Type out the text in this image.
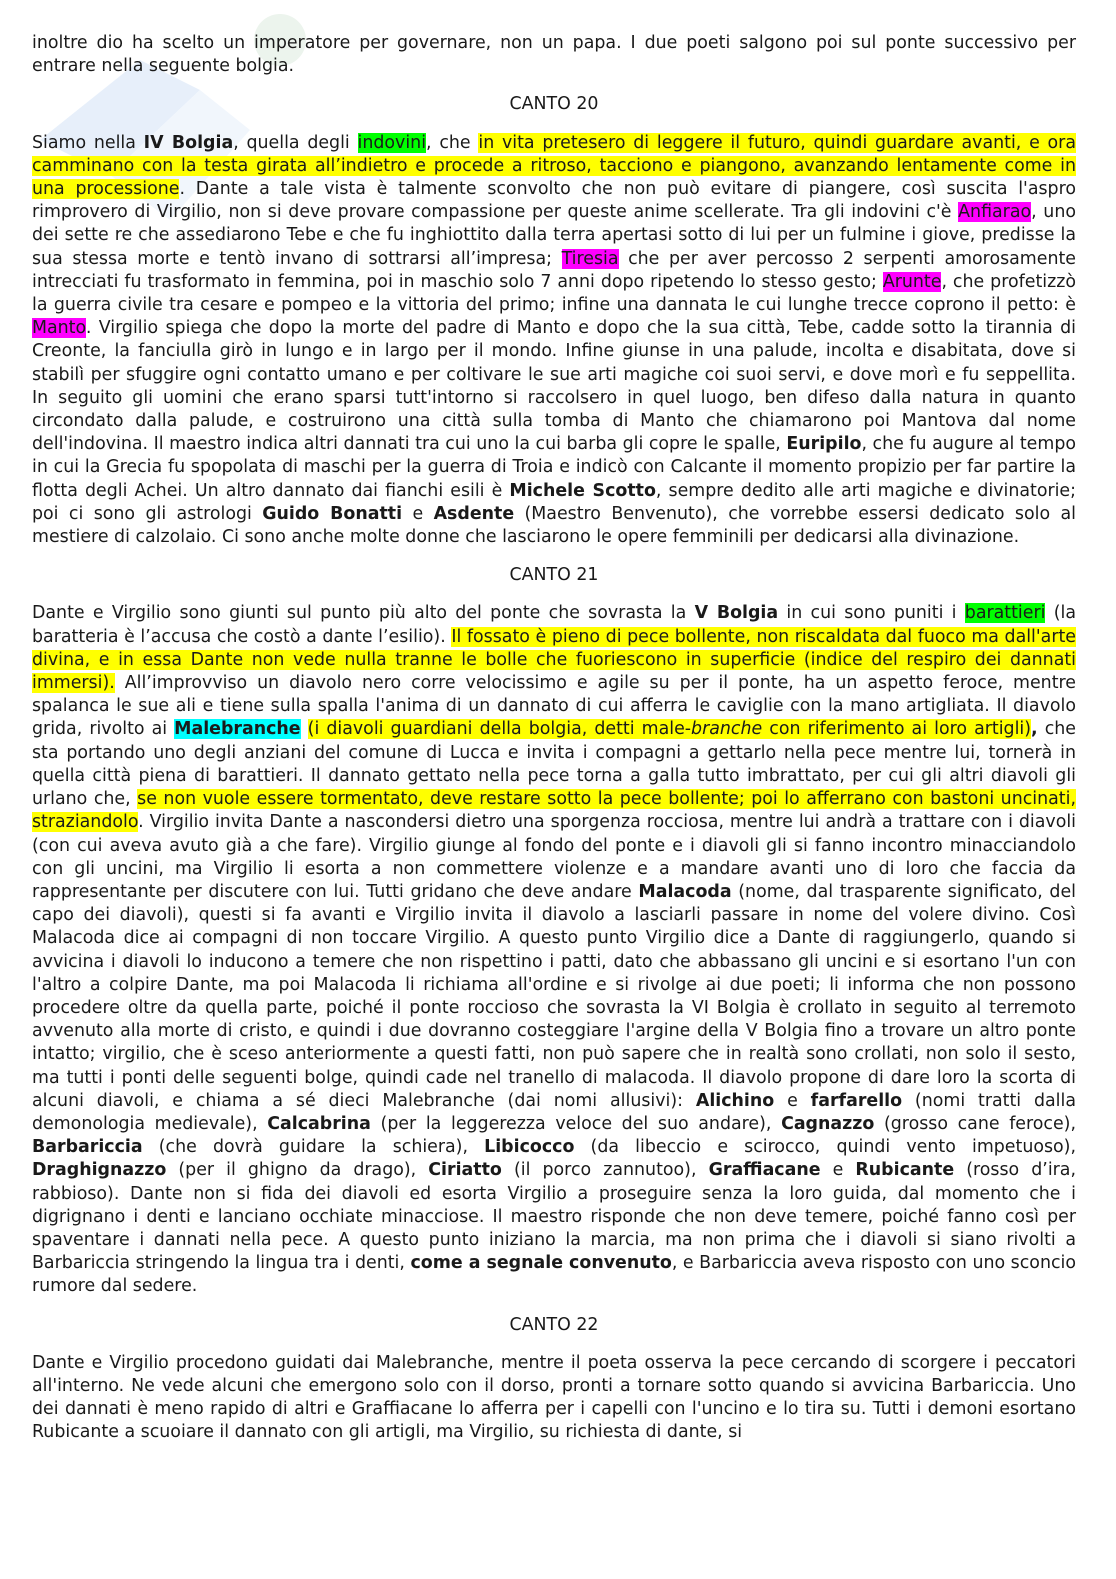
inoltre dio ha scelto un imperatore per governare, non un papa. I due poeti salgono poi sul ponte successivo per entrare nella seguente bolgia.

CANTO 20

Siamo nella IV Bolgia, quella degli indovini, che in vita pretesero di leggere il futuro, quindi guardare avanti, e ora camminano con la testa girata all’indietro e procede a ritroso, tacciono e piangono, avanzando lentamente come in una processione. Dante a tale vista è talmente sconvolto che non può evitare di piangere, così suscita l'aspro rimprovero di Virgilio, non si deve provare compassione per queste anime scellerate. Tra gli indovini c'è Anfiarao, uno dei sette re che assediarono Tebe e che fu inghiottito dalla terra apertasi sotto di lui per un fulmine i giove, predisse la sua stessa morte e tentò invano di sottrarsi all’impresa; Tiresia che per aver percosso 2 serpenti amorosamente intrecciati fu trasformato in femmina, poi in maschio solo 7 anni dopo ripetendo lo stesso gesto; Arunte, che profetizzò la guerra civile tra cesare e pompeo e la vittoria del primo; infine una dannata le cui lunghe trecce coprono il petto: è Manto. Virgilio spiega che dopo la morte del padre di Manto e dopo che la sua città, Tebe, cadde sotto la tirannia di Creonte, la fanciulla girò in lungo e in largo per il mondo. Infine giunse in una palude, incolta e disabitata, dove si stabilì per sfuggire ogni contatto umano e per coltivare le sue arti magiche coi suoi servi, e dove morì e fu seppellita. In seguito gli uomini che erano sparsi tutt'intorno si raccolsero in quel luogo, ben difeso dalla natura in quanto circondato dalla palude, e costruirono una città sulla tomba di Manto che chiamarono poi Mantova dal nome dell'indovina. Il maestro indica altri dannati tra cui uno la cui barba gli copre le spalle, Euripilo, che fu augure al tempo in cui la Grecia fu spopolata di maschi per la guerra di Troia e indicò con Calcante il momento propizio per far partire la flotta degli Achei. Un altro dannato dai fianchi esili è Michele Scotto, sempre dedito alle arti magiche e divinatorie; poi ci sono gli astrologi Guido Bonatti e Asdente (Maestro Benvenuto), che vorrebbe essersi dedicato solo al mestiere di calzolaio. Ci sono anche molte donne che lasciarono le opere femminili per dedicarsi alla divinazione.

CANTO 21

Dante e Virgilio sono giunti sul punto più alto del ponte che sovrasta la V Bolgia in cui sono puniti i barattieri (la baratteria è l’accusa che costò a dante l’esilio). Il fossato è pieno di pece bollente, non riscaldata dal fuoco ma dall'arte divina, e in essa Dante non vede nulla tranne le bolle che fuoriescono in superficie (indice del respiro dei dannati immersi). All’improvviso un diavolo nero corre velocissimo e agile su per il ponte, ha un aspetto feroce, mentre spalanca le sue ali e tiene sulla spalla l'anima di un dannato di cui afferra le caviglie con la mano artigliata. Il diavolo grida, rivolto ai Malebranche (i diavoli guardiani della bolgia, detti male-branche con riferimento ai loro artigli), che sta portando uno degli anziani del comune di Lucca e invita i compagni a gettarlo nella pece mentre lui, tornerà in quella città piena di barattieri. Il dannato gettato nella pece torna a galla tutto imbrattato, per cui gli altri diavoli gli urlano che, se non vuole essere tormentato, deve restare sotto la pece bollente; poi lo afferrano con bastoni uncinati, straziandolo. Virgilio invita Dante a nascondersi dietro una sporgenza rocciosa, mentre lui andrà a trattare con i diavoli (con cui aveva avuto già a che fare). Virgilio giunge al fondo del ponte e i diavoli gli si fanno incontro minacciandolo con gli uncini, ma Virgilio li esorta a non commettere violenze e a mandare avanti uno di loro che faccia da rappresentante per discutere con lui. Tutti gridano che deve andare Malacoda (nome, dal trasparente significato, del capo dei diavoli), questi si fa avanti e Virgilio invita il diavolo a lasciarli passare in nome del volere divino. Così Malacoda dice ai compagni di non toccare Virgilio. A questo punto Virgilio dice a Dante di raggiungerlo, quando si avvicina i diavoli lo inducono a temere che non rispettino i patti, dato che abbassano gli uncini e si esortano l'un con l'altro a colpire Dante, ma poi Malacoda li richiama all'ordine e si rivolge ai due poeti; li informa che non possono procedere oltre da quella parte, poiché il ponte roccioso che sovrasta la VI Bolgia è crollato in seguito al terremoto avvenuto alla morte di cristo, e quindi i due dovranno costeggiare l'argine della V Bolgia fino a trovare un altro ponte intatto; virgilio, che è sceso anteriormente a questi fatti, non può sapere che in realtà sono crollati, non solo il sesto, ma tutti i ponti delle seguenti bolge, quindi cade nel tranello di malacoda. Il diavolo propone di dare loro la scorta di alcuni diavoli, e chiama a sé dieci Malebranche (dai nomi allusivi): Alichino e farfarello (nomi tratti dalla demonologia medievale), Calcabrina (per la leggerezza veloce del suo andare), Cagnazzo (grosso cane feroce), Barbariccia (che dovrà guidare la schiera), Libicocco (da libeccio e scirocco, quindi vento impetuoso), Draghignazzo (per il ghigno da drago), Ciriatto (il porco zannutoo), Graffiacane e Rubicante (rosso d’ira, rabbioso). Dante non si fida dei diavoli ed esorta Virgilio a proseguire senza la loro guida, dal momento che i digrignano i denti e lanciano occhiate minacciose. Il maestro risponde che non deve temere, poiché fanno così per spaventare i dannati nella pece. A questo punto iniziano la marcia, ma non prima che i diavoli si siano rivolti a Barbariccia stringendo la lingua tra i denti, come a segnale convenuto, e Barbariccia aveva risposto con uno sconcio rumore dal sedere.

CANTO 22

Dante e Virgilio procedono guidati dai Malebranche, mentre il poeta osserva la pece cercando di scorgere i peccatori all'interno. Ne vede alcuni che emergono solo con il dorso, pronti a tornare sotto quando si avvicina Barbariccia. Uno dei dannati è meno rapido di altri e Graffiacane lo afferra per i capelli con l'uncino e lo tira su. Tutti i demoni esortano Rubicante a scuoiare il dannato con gli artigli, ma Virgilio, su richiesta di dante, si
